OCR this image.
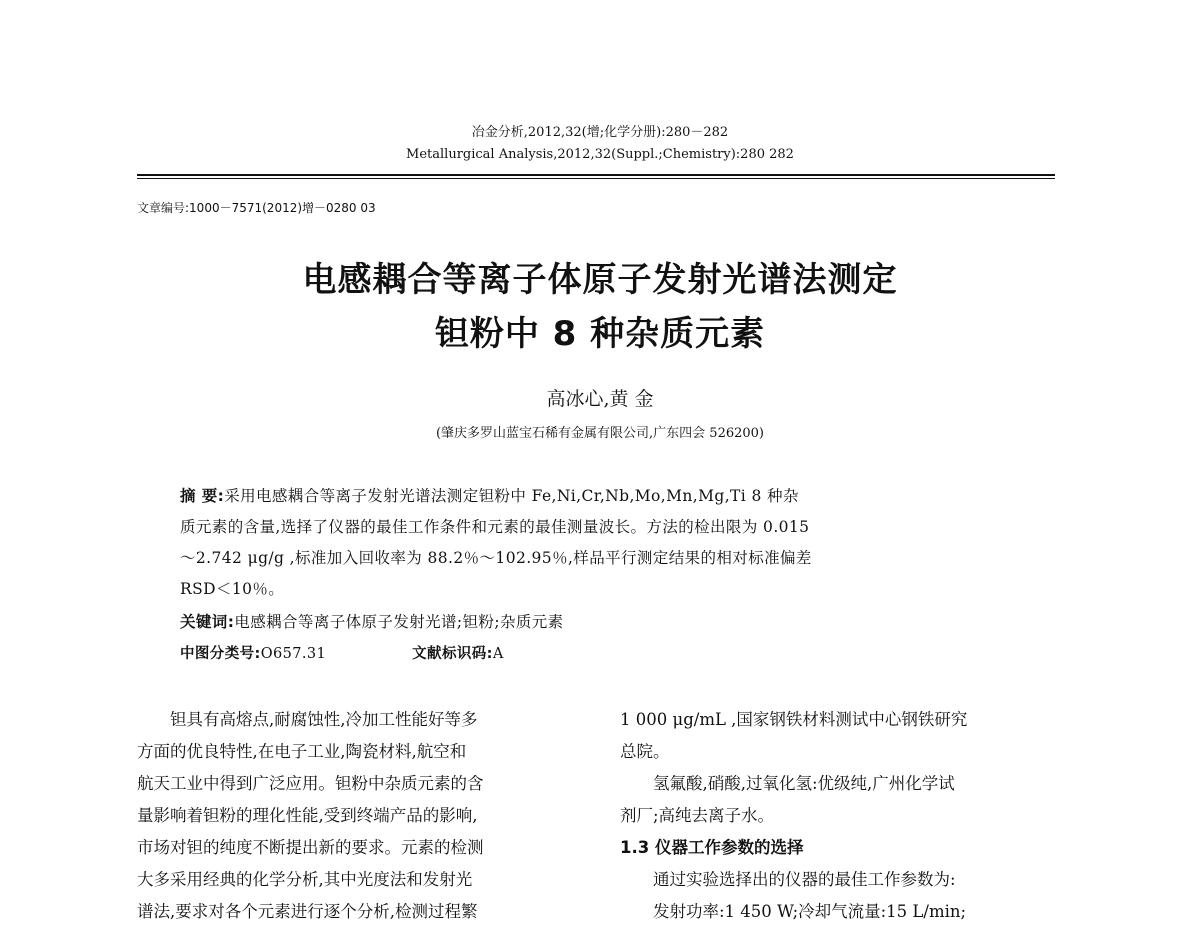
冶金分析,2012,32(增;化学分册):280－282
Metallurgical Analysis,2012,32(Suppl.;Chemistry):280 282
文章编号:1000－7571(2012)增－0280 03
电感耦合等离子体原子发射光谱法测定
钽粉中 8 种杂质元素
高冰心,黄 金
(肇庆多罗山蓝宝石稀有金属有限公司,广东四会 526200)
摘 要:采用电感耦合等离子发射光谱法测定钽粉中 Fe,Ni,Cr,Nb,Mo,Mn,Mg,Ti 8 种杂
质元素的含量,选择了仪器的最佳工作条件和元素的最佳测量波长。方法的检出限为 0.015
～2.742 μg/g ,标准加入回收率为 88.2％～102.95％,样品平行测定结果的相对标准偏差
RSD＜10％。
关键词:电感耦合等离子体原子发射光谱;钽粉;杂质元素
中图分类号:O657.31	文献标识码:A
　　钽具有高熔点,耐腐蚀性,冷加工性能好等多
方面的优良特性,在电子工业,陶瓷材料,航空和
航天工业中得到广泛应用。钽粉中杂质元素的含
量影响着钽粉的理化性能,受到终端产品的影响,
市场对钽的纯度不断提出新的要求。元素的检测
大多采用经典的化学分析,其中光度法和发射光
谱法,要求对各个元素进行逐个分析,检测过程繁
1 000 μg/mL ,国家钢铁材料测试中心钢铁研究
总院。
　　氢氟酸,硝酸,过氧化氢:优级纯,广州化学试
剂厂;高纯去离子水。
1.3 仪器工作参数的选择
　　通过实验选择出的仪器的最佳工作参数为:
　　发射功率:1 450 W;冷却气流量:15 L/min;
